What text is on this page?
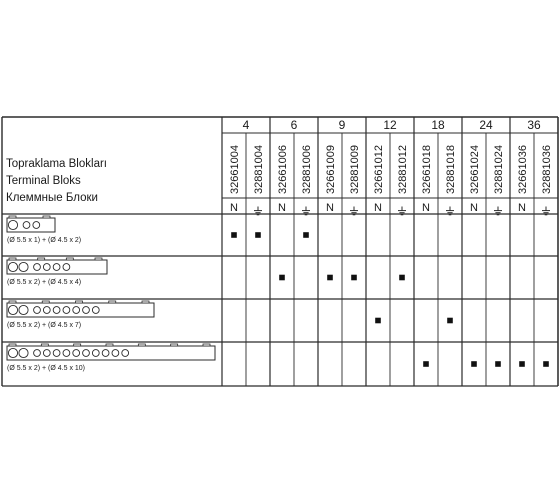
Topraklama Blokları
Terminal Bloks
Клеммные Блоки
4
32661004
N
32881004
6
32661006
N
32881006
9
32661009
N
32881009
12
32661012
N
32881012
18
32661018
N
32881018
24
32661024
N
32881024
36
32661036
N
32881036
(Ø 5.5 x 1) + (Ø 4.5 x 2)
(Ø 5.5 x 2) + (Ø 4.5 x 4)
(Ø 5.5 x 2) + (Ø 4.5 x 7)
(Ø 5.5 x 2) + (Ø 4.5 x 10)
